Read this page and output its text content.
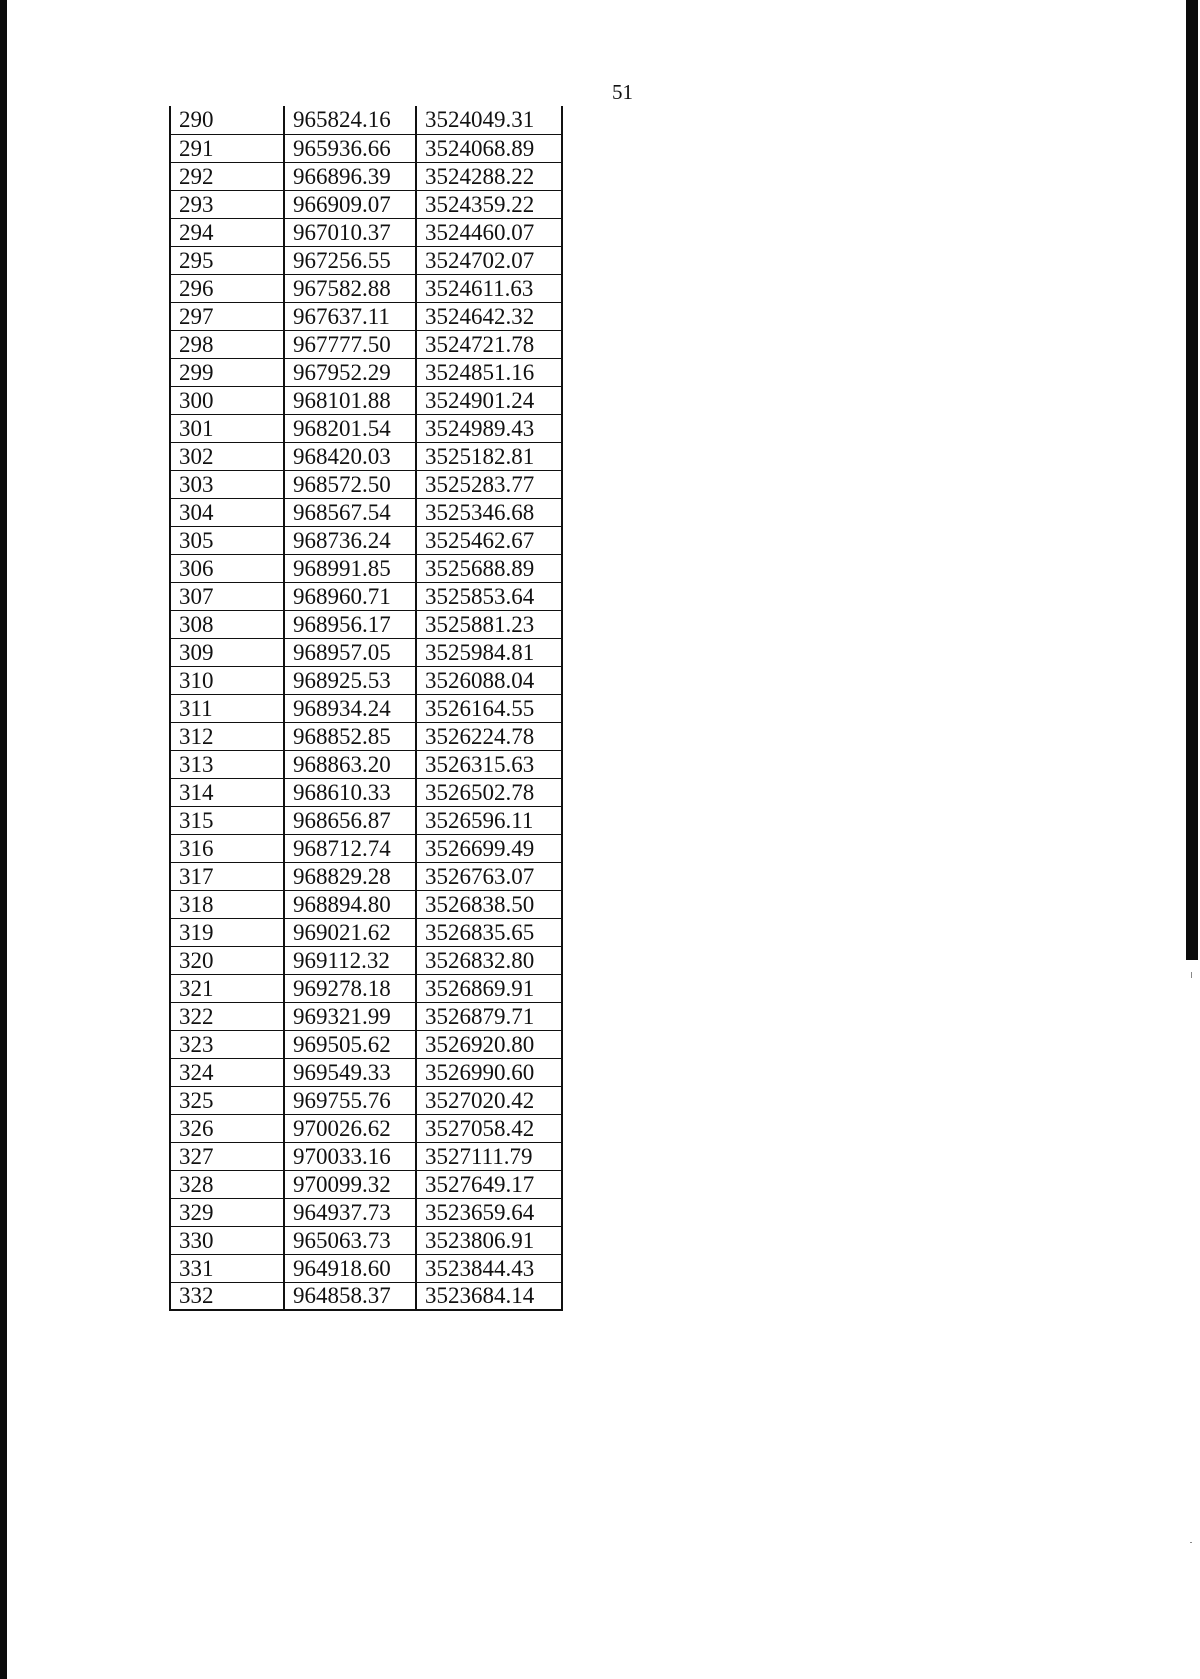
51
290	965824.16	3524049.31
291	965936.66	3524068.89
292	966896.39	3524288.22
293	966909.07	3524359.22
294	967010.37	3524460.07
295	967256.55	3524702.07
296	967582.88	3524611.63
297	967637.11	3524642.32
298	967777.50	3524721.78
299	967952.29	3524851.16
300	968101.88	3524901.24
301	968201.54	3524989.43
302	968420.03	3525182.81
303	968572.50	3525283.77
304	968567.54	3525346.68
305	968736.24	3525462.67
306	968991.85	3525688.89
307	968960.71	3525853.64
308	968956.17	3525881.23
309	968957.05	3525984.81
310	968925.53	3526088.04
311	968934.24	3526164.55
312	968852.85	3526224.78
313	968863.20	3526315.63
314	968610.33	3526502.78
315	968656.87	3526596.11
316	968712.74	3526699.49
317	968829.28	3526763.07
318	968894.80	3526838.50
319	969021.62	3526835.65
320	969112.32	3526832.80
321	969278.18	3526869.91
322	969321.99	3526879.71
323	969505.62	3526920.80
324	969549.33	3526990.60
325	969755.76	3527020.42
326	970026.62	3527058.42
327	970033.16	3527111.79
328	970099.32	3527649.17
329	964937.73	3523659.64
330	965063.73	3523806.91
331	964918.60	3523844.43
332	964858.37	3523684.14
